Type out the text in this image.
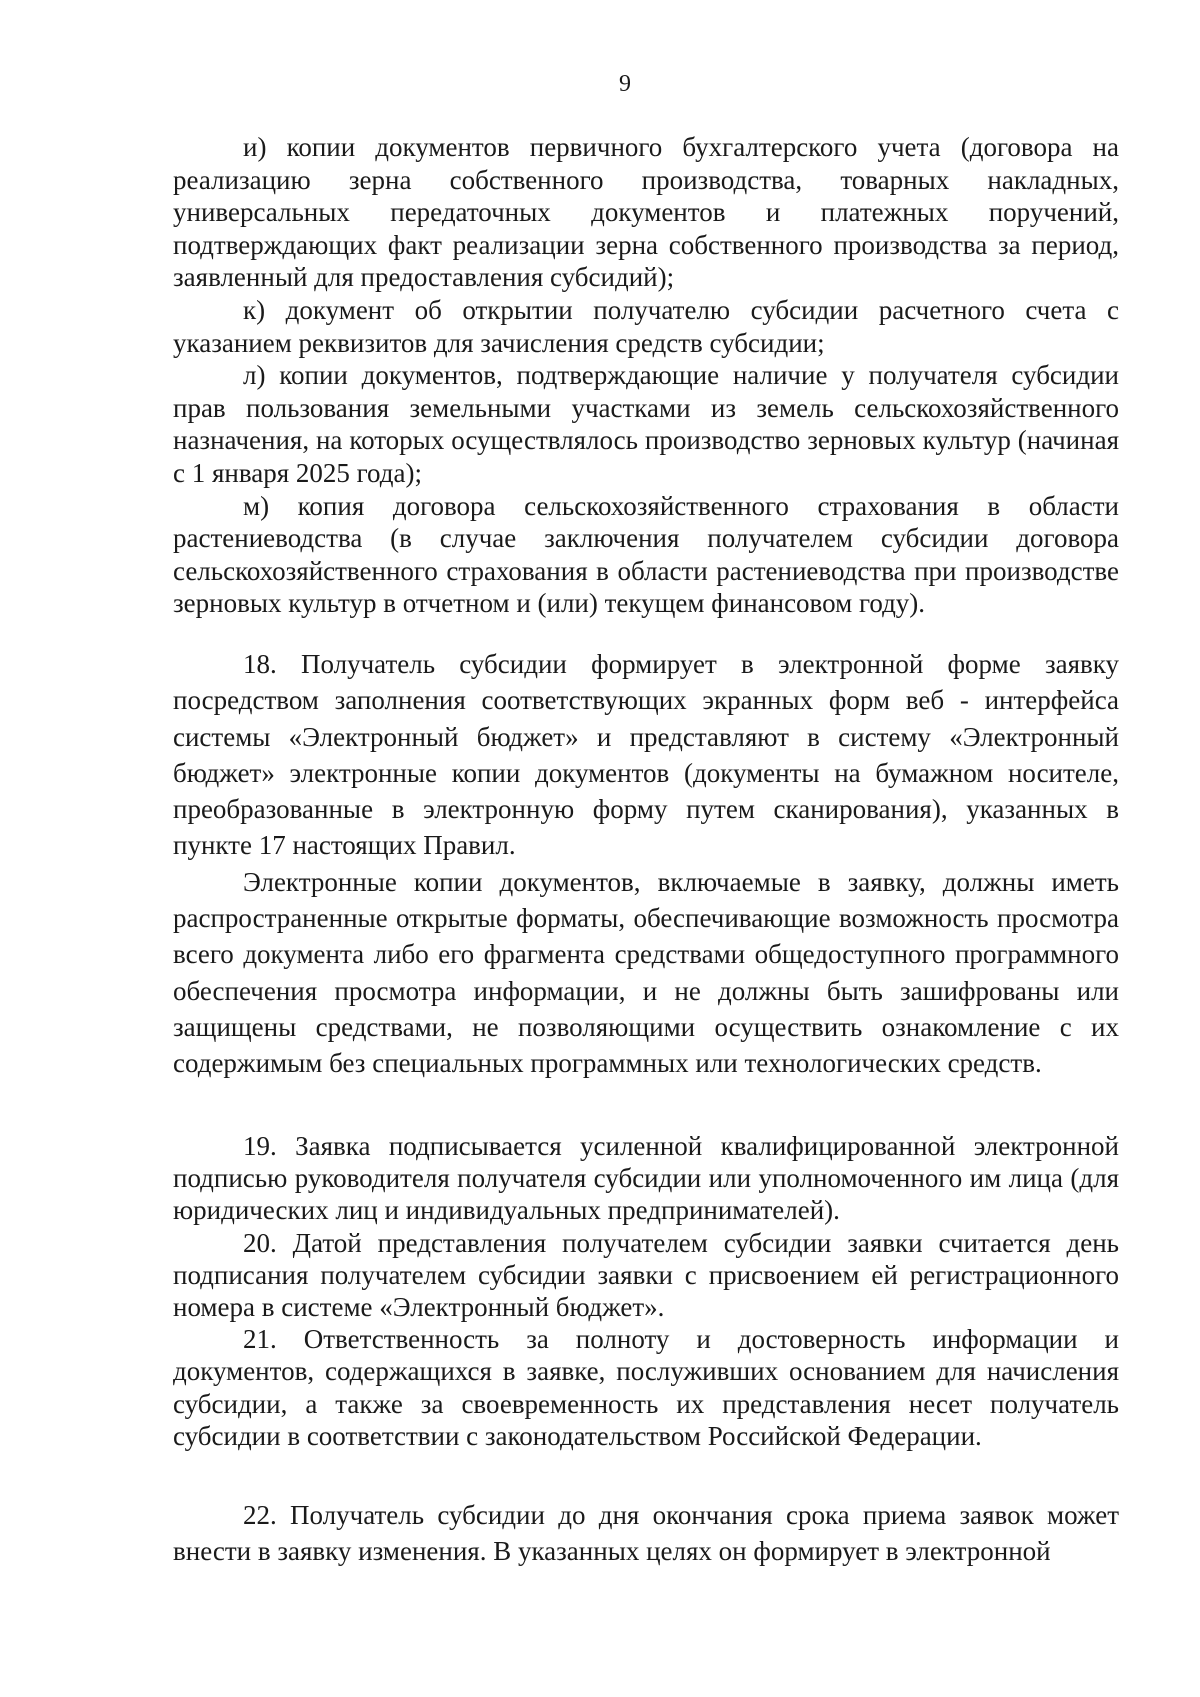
9

и) копии документов первичного бухгалтерского учета (договора на реализацию зерна собственного производства, товарных накладных, универсальных передаточных документов и платежных поручений, подтверждающих факт реализации зерна собственного производства за период, заявленный для предоставления субсидий);

к) документ об открытии получателю субсидии расчетного счета с указанием реквизитов для зачисления средств субсидии;

л) копии документов, подтверждающие наличие у получателя субсидии прав пользования земельными участками из земель сельскохозяйственного назначения, на которых осуществлялось производство зерновых культур (начиная с 1 января 2025 года);

м) копия договора сельскохозяйственного страхования в области растениеводства (в случае заключения получателем субсидии договора сельскохозяйственного страхования в области растениеводства при производстве зерновых культур в отчетном и (или) текущем финансовом году).

18. Получатель субсидии формирует в электронной форме заявку посредством заполнения соответствующих экранных форм веб - интерфейса системы «Электронный бюджет» и представляют в систему «Электронный бюджет» электронные копии документов (документы на бумажном носителе, преобразованные в электронную форму путем сканирования), указанных в пункте 17 настоящих Правил.

Электронные копии документов, включаемые в заявку, должны иметь распространенные открытые форматы, обеспечивающие возможность просмотра всего документа либо его фрагмента средствами общедоступного программного обеспечения просмотра информации, и не должны быть зашифрованы или защищены средствами, не позволяющими осуществить ознакомление с их содержимым без специальных программных или технологических средств.

19. Заявка подписывается усиленной квалифицированной электронной подписью руководителя получателя субсидии или уполномоченного им лица (для юридических лиц и индивидуальных предпринимателей).

20. Датой представления получателем субсидии заявки считается день подписания получателем субсидии заявки с присвоением ей регистрационного номера в системе «Электронный бюджет».

21. Ответственность за полноту и достоверность информации и документов, содержащихся в заявке, послуживших основанием для начисления субсидии, а также за своевременность их представления несет получатель субсидии в соответствии с законодательством Российской Федерации.

22. Получатель субсидии до дня окончания срока приема заявок может внести в заявку изменения. В указанных целях он формирует в электронной
